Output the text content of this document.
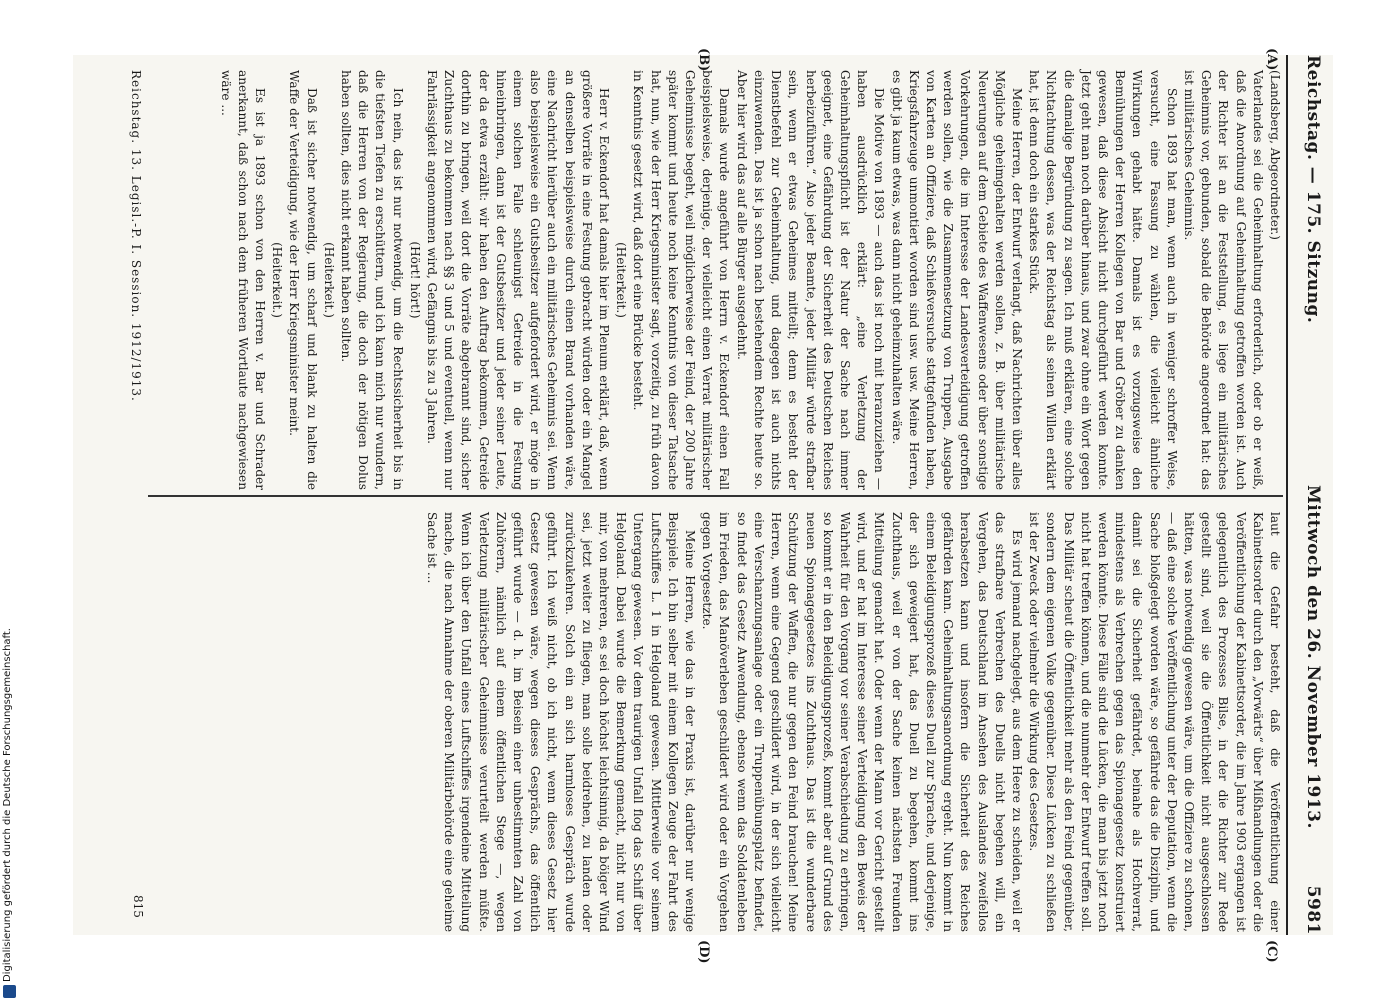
Reichstag. — 175. Sitzung.
Mittwoch den 26. November 1913.
5981
(A)
(B)
(C)
(D)

(Landsberg, Abgeordneter.)

Vaterlandes sei die Geheimhaltung erforderlich, oder ob er weiß, daß die Anordnung auf Geheimhaltung getroffen worden ist. Auch der Richter ist an die Feststellung, es liege ein militärisches Geheimnis vor, gebunden, sobald die Behörde angeordnet hat: das ist militärisches Geheimnis.

Schon 1893 hat man, wenn auch in weniger schroffer Weise, versucht, eine Fassung zu wählen, die vielleicht ähnliche Wirkungen gehabt hätte. Damals ist es vorzugsweise den Bemühungen der Herren Kollegen von Bar und Gröber zu danken gewesen, daß diese Absicht nicht durchgeführt werden konnte. Jetzt geht man noch darüber hinaus, und zwar ohne ein Wort gegen die damalige Begründung zu sagen. Ich muß erklären, eine solche Nichtachtung dessen, was der Reichstag als seinen Willen erklärt hat, ist denn doch ein starkes Stück.

Meine Herren, der Entwurf verlangt, daß Nachrichten über alles Mögliche geheimgehalten werden sollen, z. B. über militärische Neuerungen auf dem Gebiete des Waffenwesens oder über sonstige Vorkehrungen, die im Interesse der Landesverteidigung getroffen werden sollen, wie die Zusammensetzung von Truppen, Ausgabe von Karten an Offiziere, daß Schießversuche stattgefunden haben, Kriegsfahrzeuge unmontiert worden sind usw. usw. Meine Herren, es gibt ja kaum etwas, was dann nicht geheimzuhalten wäre.

Die Motive von 1893 — auch das ist noch mit heranzuziehen — haben ausdrücklich erklärt: „eine Verletzung der Geheimhaltungspflicht ist der Natur der Sache nach immer geeignet, eine Gefährdung der Sicherheit des Deutschen Reiches herbeizuführen.“ Also jeder Beamte, jeder Militär würde strafbar sein, wenn er etwas Geheimes mitteilt; denn es besteht der Dienstbefehl zur Geheimhaltung, und dagegen ist auch nichts einzuwenden. Das ist ja schon nach bestehendem Rechte heute so. Aber hier wird das auf alle Bürger ausgedehnt.

Damals wurde angeführt von Herrn v. Eckendorf einen Fall beispielsweise, derjenige, der vielleicht einen Verrat militärischer Geheimnisse begeht, weil möglicherweise der Feind, der 200 Jahre später kommt und heute noch keine Kenntnis von dieser Tatsache hat, nun, wie der Herr Kriegsminister sagt, vorzeitig, zu früh davon in Kenntnis gesetzt wird, daß dort eine Brücke besteht.

(Heiterkeit.)

Herr v. Eckendorf hat damals hier im Plenum erklärt, daß, wenn größere Vorräte in eine Festung gebracht würden oder ein Mangel an denselben beispielsweise durch einen Brand vorhanden wäre, eine Nachricht hierüber auch ein militärisches Geheimnis sei. Wenn also beispielsweise ein Gutsbesitzer aufgefordert wird, er möge in einem solchen Falle schleunigst Getreide in die Festung hineinbringen, dann ist der Gutsbesitzer und jeder seiner Leute, der da etwa erzählt: wir haben den Auftrag bekommen, Getreide dorthin zu bringen, weil dort die Vorräte abgebrannt sind, sicher Zuchthaus zu bekommen nach §§ 3 und 5 und eventuell, wenn nur Fahrlässigkeit angenommen wird, Gefängnis bis zu 3 Jahren.

(Hört! hört!)

Ich nein, das ist nur notwendig, um die Rechtssicherheit bis in die tiefsten Tiefen zu erschüttern, und ich kann mich nur wundern, daß die Herren von der Regierung, die doch der nötigen Dolus haben sollten, dies nicht erkannt haben sollten.

(Heiterkeit.)

Daß ist sicher notwendig, um scharf und blank zu halten die Waffe der Verteidigung, wie der Herr Kriegsminister meint.

(Heiterkeit.)

Es ist ja 1893 schon von den Herren v. Bar und Schrader anerkannt, daß schon nach dem früheren Wortlaute nachgewiesen wäre ...

laut die Gefahr besteht, daß die Veröffentlichung einer Kabinettsorder durch den „Vorwärts“ über Mißhandlungen oder die Veröffentlichung der Kabinettsorder, die im Jahre 1903 ergangen ist gelegentlich des Prozesses Bilse, in der die Richter zur Rede gestellt sind, weil sie die Öffentlichkeit nicht ausgeschlossen hätten, was notwendig gewesen wäre, um die Offiziere zu schonen, — daß eine solche Veröffentlichung unter der Deputation, wenn die Sache bloßgelegt worden wäre, so gefährde das die Disziplin, und damit sei die Sicherheit gefährdet, beinahe als Hochverrat, mindestens als Verbrechen gegen das Spionagegesetz konstruiert werden könnte. Diese Fälle sind die Lücken, die man bis jetzt noch nicht hat treffen können, und die nunmehr der Entwurf treffen soll. Das Militär scheut die Öffentlichkeit mehr als den Feind gegenüber, sondern dem eigenen Volke gegenüber. Diese Lücken zu schließen ist der Zweck oder vielmehr die Wirkung des Gesetzes.

Es wird jemand nachgelegt, aus dem Heere zu scheiden, weil er das strafbare Verbrechen des Duells nicht begehen will, ein Vergehen, das Deutschland im Ansehen des Auslandes zweifellos herabsetzen kann und insofern die Sicherheit des Reiches gefährden kann. Geheimhaltungsanordnung ergeht. Nun kommt in einem Beleidigungsprozeß dieses Duell zur Sprache, und derjenige, der sich geweigert hat, das Duell zu begehen, kommt ins Zuchthaus, weil er von der Sache keinen nächsten Freunden Mitteilung gemacht hat. Oder wenn der Mann vor Gericht gestellt wird, und er hat im Interesse seiner Verteidigung den Beweis der Wahrheit für den Vorgang vor seiner Verabschiedung zu erbringen, so kommt er in den Beleidigungsprozeß, kommt aber auf Grund des neuen Spionagegesetzes ins Zuchthaus. Das ist die wunderbare Schützung der Waffen, die nur gegen den Feind brauchen! Meine Herren, wenn eine Gegend geschildert wird, in der sich vielleicht eine Verschanzungsanlage oder ein Truppenübungsplatz befindet, so findet das Gesetz Anwendung, ebenso wenn das Soldatenleben im Frieden, das Manöverleben geschildert wird oder ein Vorgehen gegen Vorgesetzte.

Meine Herren, wie das in der Praxis ist, darüber nur wenige Beispiele. Ich bin selber mit einem Kollegen Zeuge der Fahrt des Luftschiffes L. 1 in Helgoland gewesen. Mittlerweile vor seinem Untergang gewesen. Vor dem traurigen Unfall flog das Schiff über Helgoland. Dabei wurde die Bemerkung gemacht, nicht nur von mir, von mehreren, es sei doch höchst leichtsinnig, da böiger Wind sei, jetzt weiter zu fliegen, man solle beidrehen, zu landen oder zurückzukehren. Solch ein an sich harmloses Gespräch wurde geführt. Ich weiß nicht, ob ich nicht, wenn dieses Gesetz hier Gesetz gewesen wäre, wegen dieses Gesprächs, das öffentlich geführt wurde — d. h. im Beisein einer unbestimmten Zahl von Zuhörern, nämlich auf einem öffentlichen Stege —, wegen Verletzung militärischer Geheimnisse verurteilt werden müßte. Wenn ich über den Unfall eines Luftschiffes irgendeine Mitteilung mache, die nach Annahme der oberen Militärbehörde eine geheime Sache ist ...

Reichstag. 13. Legisl.-P. I. Session. 1912/1913.
815
Digitalisierung gefördert durch die Deutsche Forschungsgemeinschaft.
